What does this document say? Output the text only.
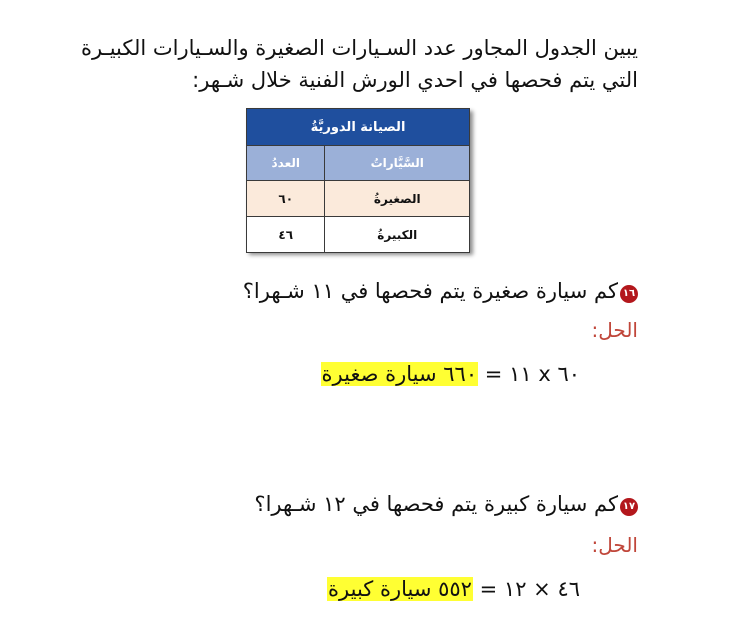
يبين الجدول المجاور عدد السـيارات الصغيرة والسـيارات الكبيـرة
التي يتم فحصها في احدي الورش الفنية خلال شـهر:
الصيانة الدوريَّةُ	
السَّيَّاراتُ	العددُ
الصغيرةُ	٦٠
الكبيرةُ	٤٦
١٦كم سيارة صغيرة يتم فحصها في ١١ شـهرا؟
الحل:
٦٠ x ١١ = ٦٦٠ سيارة صغيرة
١٧كم سيارة كبيرة يتم فحصها في ١٢ شـهرا؟
الحل:
٤٦ × ١٢ = ٥٥٢ سيارة كبيرة
